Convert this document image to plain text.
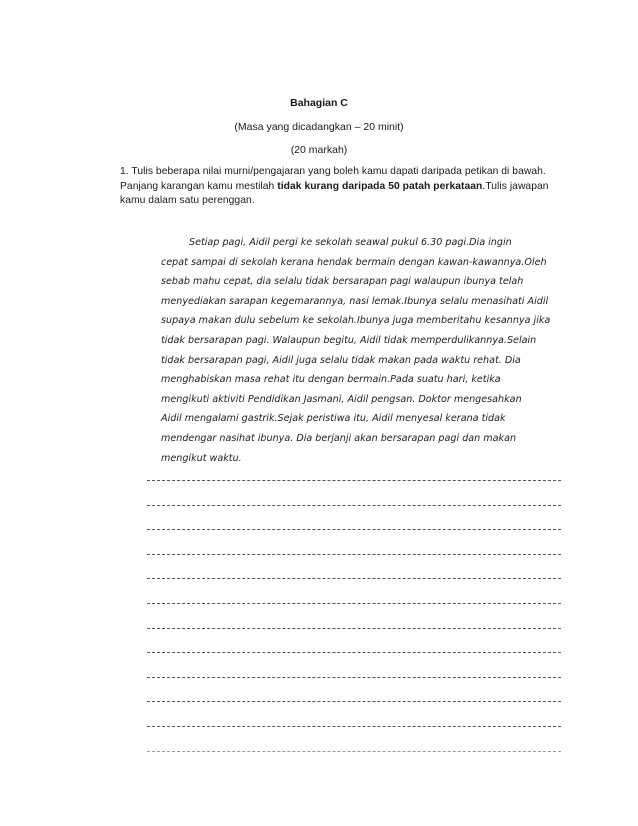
Bahagian C
(Masa yang dicadangkan – 20 minit)
(20 markah)
1. Tulis beberapa nilai murni/pengajaran yang boleh kamu dapati daripada petikan di bawah. Panjang karangan kamu mestilah tidak kurang daripada 50 patah perkataan.Tulis jawapan kamu dalam satu perenggan.
Setiap pagi, Aidil pergi ke sekolah seawal pukul 6.30 pagi.Dia ingin
cepat sampai di sekolah kerana hendak bermain dengan kawan-kawannya.Oleh
sebab mahu cepat, dia selalu tidak bersarapan pagi walaupun ibunya telah
menyediakan sarapan kegemarannya, nasi lemak.Ibunya selalu menasihati Aidil
supaya makan dulu sebelum ke sekolah.Ibunya juga memberitahu kesannya jika
tidak bersarapan pagi. Walaupun begitu, Aidil tidak memperdulikannya.Selain
tidak bersarapan pagi, Aidil juga selalu tidak makan pada waktu rehat. Dia
menghabiskan masa rehat itu dengan bermain.Pada suatu hari, ketika
mengikuti aktiviti Pendidikan Jasmani, Aidil pengsan. Doktor mengesahkan
Aidil mengalami gastrik.Sejak peristiwa itu, Aidil menyesal kerana tidak
mendengar nasihat ibunya. Dia berjanji akan bersarapan pagi dan makan
mengikut waktu.
